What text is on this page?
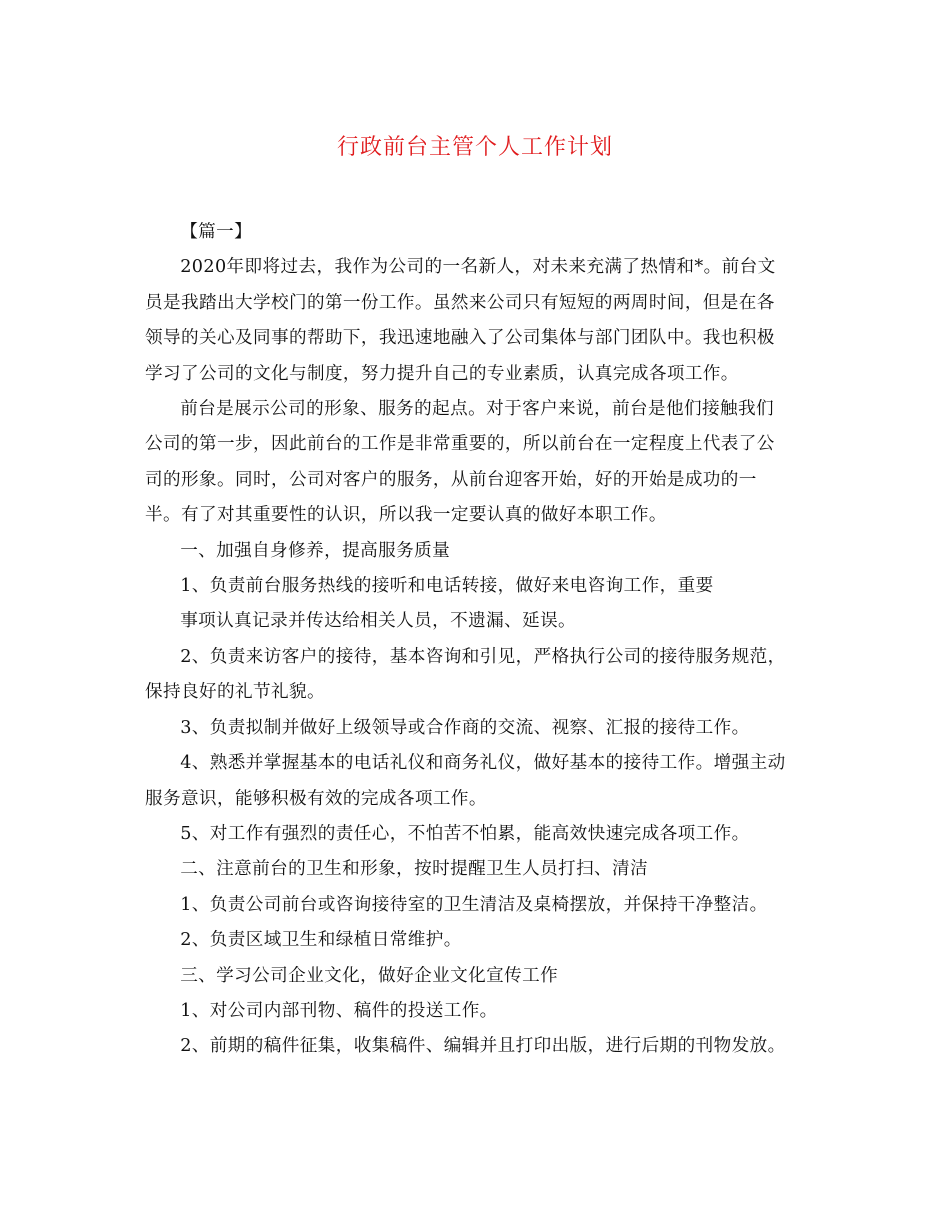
行政前台主管个人工作计划
【篇一】
2020年即将过去，我作为公司的一名新人，对未来充满了热情和*。前台文
员是我踏出大学校门的第一份工作。虽然来公司只有短短的两周时间，但是在各
领导的关心及同事的帮助下，我迅速地融入了公司集体与部门团队中。我也积极
学习了公司的文化与制度，努力提升自己的专业素质，认真完成各项工作。
前台是展示公司的形象、服务的起点。对于客户来说，前台是他们接触我们
公司的第一步，因此前台的工作是非常重要的，所以前台在一定程度上代表了公
司的形象。同时，公司对客户的服务，从前台迎客开始，好的开始是成功的一
半。有了对其重要性的认识，所以我一定要认真的做好本职工作。
一、加强自身修养，提高服务质量
1、负责前台服务热线的接听和电话转接，做好来电咨询工作，重要
事项认真记录并传达给相关人员，不遗漏、延误。
2、负责来访客户的接待，基本咨询和引见，严格执行公司的接待服务规范，
保持良好的礼节礼貌。
3、负责拟制并做好上级领导或合作商的交流、视察、汇报的接待工作。
4、熟悉并掌握基本的电话礼仪和商务礼仪，做好基本的接待工作。增强主动
服务意识，能够积极有效的完成各项工作。
5、对工作有强烈的责任心，不怕苦不怕累，能高效快速完成各项工作。
二、注意前台的卫生和形象，按时提醒卫生人员打扫、清洁
1、负责公司前台或咨询接待室的卫生清洁及桌椅摆放，并保持干净整洁。
2、负责区域卫生和绿植日常维护。
三、学习公司企业文化，做好企业文化宣传工作
1、对公司内部刊物、稿件的投送工作。
2、前期的稿件征集，收集稿件、编辑并且打印出版，进行后期的刊物发放。
